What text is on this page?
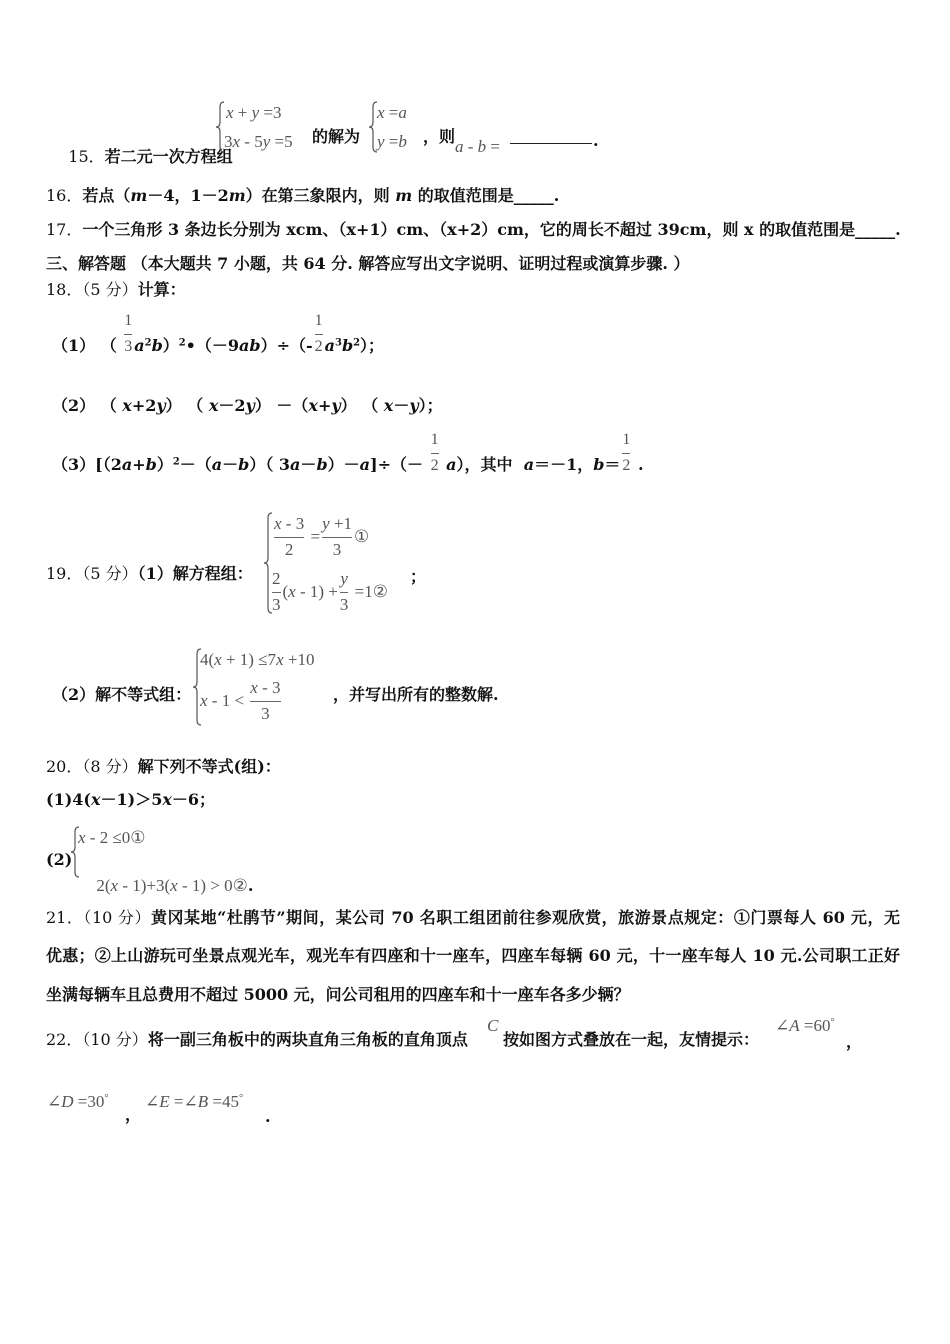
15．若二元一次方程组

x + y =3
3x - 5y =5 的解为
x =a
y =b ，则
a - b =	.
16．若点（m－4，1－2m）在第三象限内，则 m 的取值范围是_____.
17．一个三角形 3 条边长分别为 xcm、（x+1）cm、（x+2）cm，它的周长不超过 39cm，则 x 的取值范围是_____.
三、解答题 （本大题共 7 小题，共 64 分. 解答应写出文字说明、证明过程或演算步骤. ）
18．（5 分）计算：
（1） （ $\frac{1}{3}$ $a^2b)^2•(-9ab)\div(- \frac{1}{2} a^3b^2)$；
（2） （ x+2y） （ x－2y） －（x+y） （ x－y）；
$(3)[(2a+b)^2-(a-b)$（ $3a-b)-a]\div(- \frac{1}{2} a)$，其中  a＝－1，$b= \frac{1}{2}$ .
19．（5 分）（1）解方程组：
$\frac{x - 3}{2} = \frac{y +1}{3}$ ①
$\frac{2}{3}$ ( $x - 1) + \frac{y}{3}$ =1②
；
（2）解不等式组：
4(x + 1) ≤7x +10
$x - 1 < \frac{x - 3}{3}$	，并写出所有的整数解.
20．（8 分）解下列不等式(组)：
(1)4(x－1)＞5x－6；
(2)
x - 2 ≤0①

2(x - 1)+3(x - 1) > 0②.

21．（10 分）黄冈某地“杜鹃节”期间，某公司 70 名职工组团前往参观欣赏，旅游景点规定：①门票每人 60 元，无
优惠；②上山游玩可坐景点观光车，观光车有四座和十一座车，四座车每辆 60 元，十一座车每人 10 元.公司职工正好
坐满每辆车且总费用不超过 5000 元，问公司租用的四座车和十一座车各多少辆？
22．（10 分）将一副三角板中的两块直角三角板的直角顶点
C
按如图方式叠放在一起，友情提示：
∠A =60°
，
∠D =30°
，
∠E =∠B =45°
.
